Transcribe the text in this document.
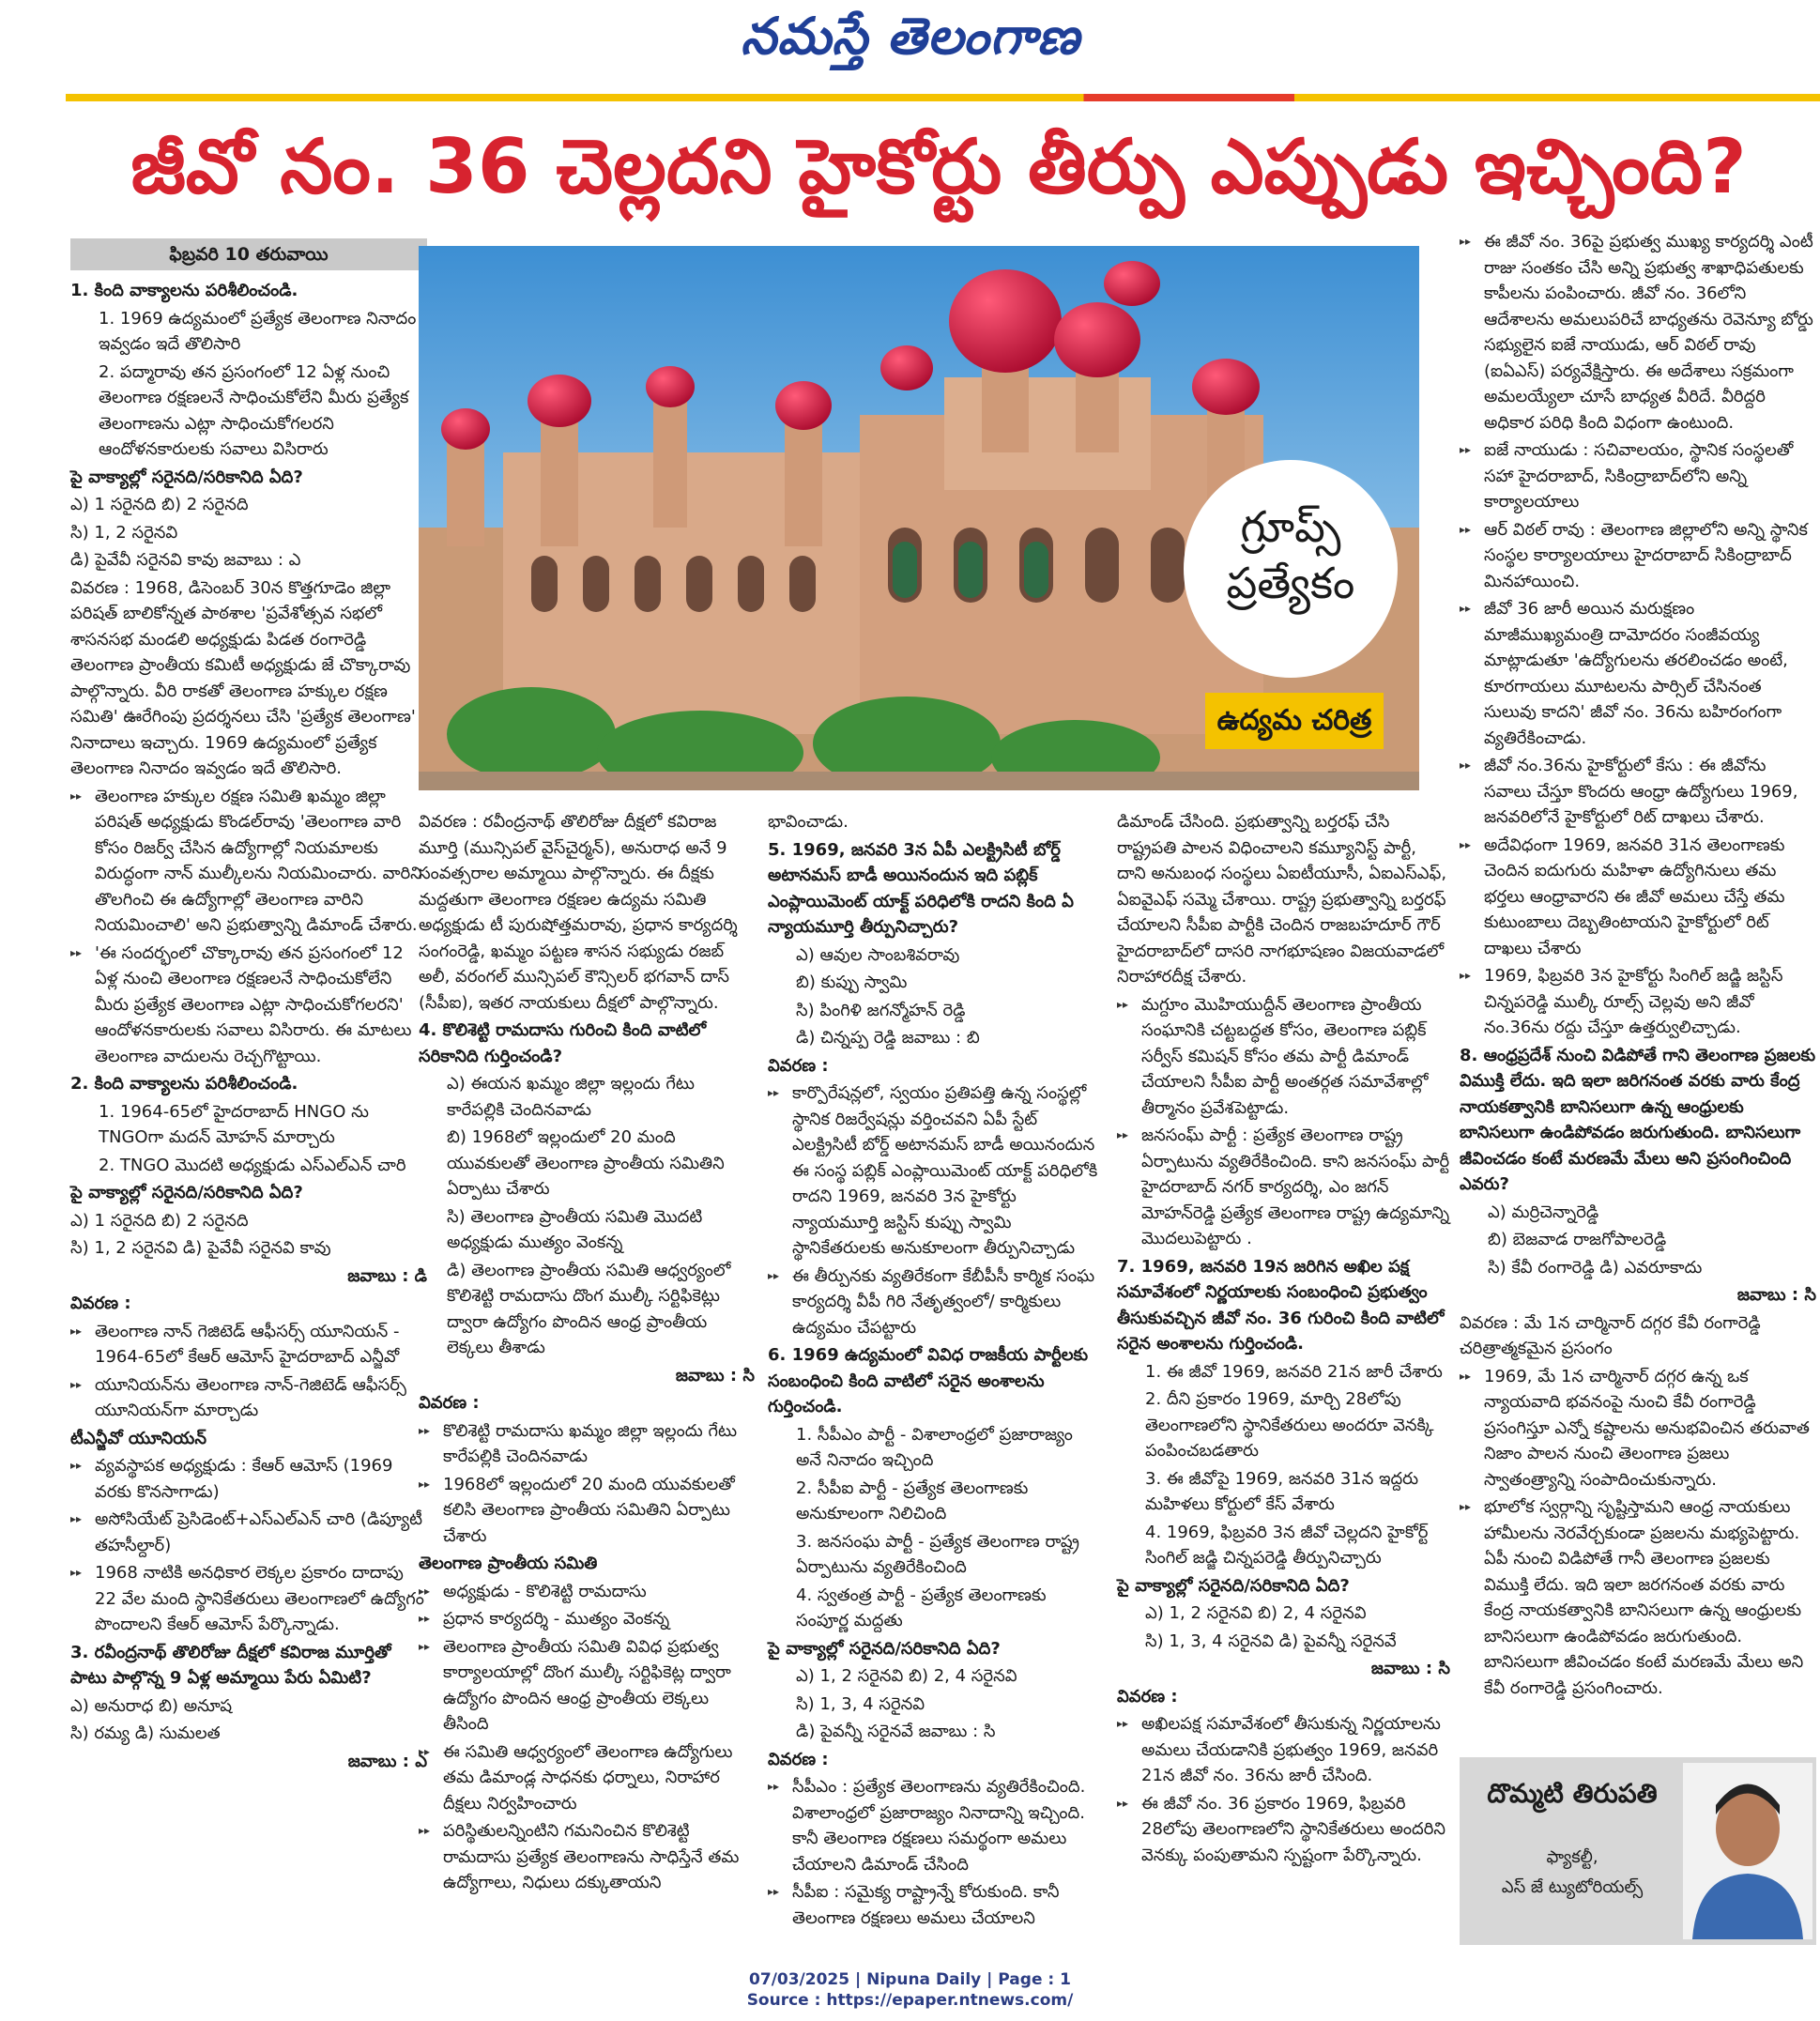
నమస్తే తెలంగాణ
జీవో నం. 36 చెల్లదని హైకోర్టు తీర్పు ఎప్పుడు ఇచ్చింది?
ఫిబ్రవరి 10 తరువాయి
గ్రూప్స్
ప్రత్యేకం
ఉద్యమ చరిత్ర

1. కింది వాక్యాలను పరిశీలించండి.

1. 1969 ఉద్యమంలో ప్రత్యేక తెలంగాణ నినాదం ఇవ్వడం ఇదే తొలిసారి

2. పద్మారావు తన ప్రసంగంలో 12 ఏళ్ల నుంచి తెలంగాణ రక్షణలనే సాధించుకోలేని మీరు ప్రత్యేక తెలంగాణను ఎట్లా సాధించుకోగలరని ఆందోళనకారులకు సవాలు విసిరారు

పై వాక్యాల్లో సరైనది/సరికానిది ఏది?

ఎ) 1 సరైనది బి) 2 సరైనది

సి) 1, 2 సరైనవి

డి) పైవేవీ సరైనవి కావు జవాబు : ఎ

వివరణ : 1968, డిసెంబర్ 30న కొత్తగూడెం జిల్లా పరిషత్ బాలికోన్నత పాఠశాల 'ప్రవేశోత్సవ సభలో శాసనసభ మండలి అధ్యక్షుడు పిడత రంగారెడ్డి తెలంగాణ ప్రాంతీయ కమిటీ అధ్యక్షుడు జే చొక్కారావు పాల్గొన్నారు. వీరి రాకతో తెలంగాణ హక్కుల రక్షణ సమితి' ఊరేగింపు ప్రదర్శనలు చేసి 'ప్రత్యేక తెలంగాణ' నినాదాలు ఇచ్చారు. 1969 ఉద్యమంలో ప్రత్యేక తెలంగాణ నినాదం ఇవ్వడం ఇదే తొలిసారి.

▸▸ తెలంగాణ హక్కుల రక్షణ సమితి ఖమ్మం జిల్లా పరిషత్ అధ్యక్షుడు కొండల్‌రావు 'తెలంగాణ వారి కోసం రిజర్వ్ చేసిన ఉద్యోగాల్లో నియమాలకు విరుద్ధంగా నాన్ ముల్కీలను నియమించారు. వారిని తొలగించి ఈ ఉద్యోగాల్లో తెలంగాణ వారిని నియమించాలి' అని ప్రభుత్వాన్ని డిమాండ్ చేశారు.

▸▸ 'ఈ సందర్భంలో చొక్కారావు తన ప్రసంగంలో 12 ఏళ్ల నుంచి తెలంగాణ రక్షణలనే సాధించుకోలేని మీరు ప్రత్యేక తెలంగాణ ఎట్లా సాధించుకోగలరని' ఆందోళనకారులకు సవాలు విసిరారు. ఈ మాటలు తెలంగాణ వాదులను రెచ్చగొట్టాయి.

2. కింది వాక్యాలను పరిశీలించండి.

1. 1964-65లో హైదరాబాద్ HNGO ను TNGOగా మదన్ మోహన్ మార్చారు

2. TNGO మొదటి అధ్యక్షుడు ఎస్ఎల్ఎన్ చారి

పై వాక్యాల్లో సరైనది/సరికానిది ఏది?

ఎ) 1 సరైనది బి) 2 సరైనది

సి) 1, 2 సరైనవి డి) పైవేవీ సరైనవి కావు

జవాబు : డి

వివరణ :

▸▸ తెలంగాణ నాన్ గెజిటెడ్ ఆఫీసర్స్ యూనియన్ - 1964-65లో కేఆర్ ఆమోస్ హైదరాబాద్ ఎన్జీవో

▸▸ యూనియన్‌ను తెలంగాణ నాన్-గెజిటెడ్ ఆఫీసర్స్ యూనియన్‌గా మార్చాడు

టీఎన్జీవో యూనియన్

▸▸ వ్యవస్థాపక అధ్యక్షుడు : కేఆర్ ఆమోస్ (1969 వరకు కొనసాగాడు)

▸▸ అసోసియేట్ ప్రెసిడెంట్+ఎస్ఎల్ఎన్ చారి (డిప్యూటీ తహసీల్దార్)

▸▸ 1968 నాటికి అనధికార లెక్కల ప్రకారం దాదాపు 22 వేల మంది స్థానికేతరులు తెలంగాణలో ఉద్యోగం పొందాలని కేఆర్ ఆమోస్ పేర్కొన్నాడు.

3. రవీంద్రనాథ్ తొలిరోజు దీక్షలో కవిరాజ మూర్తితో పాటు పాల్గొన్న 9 ఏళ్ల అమ్మాయి పేరు ఏమిటి?

ఎ) అనురాధ బి) అనూష

సి) రమ్య డి) సుమలత

జవాబు : ఎ

వివరణ : రవీంద్రనాథ్ తొలిరోజు దీక్షలో కవిరాజ మూర్తి (మున్సిపల్ వైస్‌చైర్మన్), అనురాధ అనే 9 సంవత్సరాల అమ్మాయి పాల్గొన్నారు. ఈ దీక్షకు మద్దతుగా తెలంగాణ రక్షణల ఉద్యమ సమితి అధ్యక్షుడు టీ పురుషోత్తమరావు, ప్రధాన కార్యదర్శి సంగంరెడ్డి, ఖమ్మం పట్టణ శాసన సభ్యుడు రజబ్ అలీ, వరంగల్ మున్సిపల్ కౌన్సిలర్ భగవాన్ దాస్ (సీపీఐ), ఇతర నాయకులు దీక్షలో పాల్గొన్నారు.

4. కొలిశెట్టి రామదాసు గురించి కింది వాటిలో సరికానిది గుర్తించండి?

ఎ) ఈయన ఖమ్మం జిల్లా ఇల్లందు గేటు కారేపల్లికి చెందినవాడు

బి) 1968లో ఇల్లందులో 20 మంది యువకులతో తెలంగాణ ప్రాంతీయ సమితిని ఏర్పాటు చేశారు

సి) తెలంగాణ ప్రాంతీయ సమితి మొదటి అధ్యక్షుడు ముత్యం వెంకన్న

డి) తెలంగాణ ప్రాంతీయ సమితి ఆధ్వర్యంలో కొలిశెట్టి రామదాసు దొంగ ముల్కీ సర్టిఫికెట్లు ద్వారా ఉద్యోగం పొందిన ఆంధ్ర ప్రాంతీయ లెక్కలు తీశాడు

జవాబు : సి

వివరణ :

▸▸ కొలిశెట్టి రామదాసు ఖమ్మం జిల్లా ఇల్లందు గేటు కారేపల్లికి చెందినవాడు

▸▸ 1968లో ఇల్లందులో 20 మంది యువకులతో కలిసి తెలంగాణ ప్రాంతీయ సమితిని ఏర్పాటు చేశారు

తెలంగాణ ప్రాంతీయ సమితి

▸▸ అధ్యక్షుడు - కొలిశెట్టి రామదాసు

▸▸ ప్రధాన కార్యదర్శి - ముత్యం వెంకన్న

▸▸ తెలంగాణ ప్రాంతీయ సమితి వివిధ ప్రభుత్వ కార్యాలయాల్లో దొంగ ముల్కీ సర్టిఫికెట్ల ద్వారా ఉద్యోగం పొందిన ఆంధ్ర ప్రాంతీయ లెక్కలు తీసింది

▸▸ ఈ సమితి ఆధ్వర్యంలో తెలంగాణ ఉద్యోగులు తమ డిమాండ్ల సాధనకు ధర్నాలు, నిరాహార దీక్షలు నిర్వహించారు

▸▸ పరిస్థితులన్నింటిని గమనించిన కొలిశెట్టి రామదాసు ప్రత్యేక తెలంగాణను సాధిస్తేనే తమ ఉద్యోగాలు, నిధులు దక్కుతాయని

భావించాడు.

5. 1969, జనవరి 3న ఏపీ ఎలక్ట్రిసిటీ బోర్డ్ అటానమస్ బాడీ అయినందున ఇది పబ్లిక్ ఎంప్లాయిమెంట్ యాక్ట్ పరిధిలోకి రాదని కింది ఏ న్యాయమూర్తి తీర్పునిచ్చారు?

ఎ) ఆవుల సాంబశివరావు

బి) కుప్పు స్వామి

సి) పింగిళి జగన్మోహన్ రెడ్డి

డి) చిన్నప్ప రెడ్డి జవాబు : బి

వివరణ :

▸▸ కార్పొరేషన్లలో, స్వయం ప్రతిపత్తి ఉన్న సంస్థల్లో స్థానిక రిజర్వేషన్లు వర్తించవని ఏపీ స్టేట్ ఎలక్ట్రిసిటీ బోర్డ్ అటానమస్ బాడీ అయినందున ఈ సంస్థ పబ్లిక్ ఎంప్లాయిమెంట్ యాక్ట్ పరిధిలోకి రాదని 1969, జనవరి 3న హైకోర్టు న్యాయమూర్తి జస్టిస్ కుప్పు స్వామి స్థానికేతరులకు అనుకూలంగా తీర్పునిచ్చాడు

▸▸ ఈ తీర్పునకు వ్యతిరేకంగా కేబీపీసీ కార్మిక సంఘ కార్యదర్శి వీపీ గిరి నేతృత్వంలో/ కార్మికులు ఉద్యమం చేపట్టారు

6. 1969 ఉద్యమంలో వివిధ రాజకీయ పార్టీలకు సంబంధించి కింది వాటిలో సరైన అంశాలను గుర్తించండి.

1. సీపీఎం పార్టీ - విశాలాంధ్రలో ప్రజారాజ్యం అనే నినాదం ఇచ్చింది

2. సీపీఐ పార్టీ - ప్రత్యేక తెలంగాణకు అనుకూలంగా నిలిచింది

3. జనసంఘ పార్టీ - ప్రత్యేక తెలంగాణ రాష్ట్ర ఏర్పాటును వ్యతిరేకించింది

4. స్వతంత్ర పార్టీ - ప్రత్యేక తెలంగాణకు సంపూర్ణ మద్దతు

పై వాక్యాల్లో సరైనది/సరికానిది ఏది?

ఎ) 1, 2 సరైనవి బి) 2, 4 సరైనవి

సి) 1, 3, 4 సరైనవి

డి) పైవన్నీ సరైనవే జవాబు : సి

వివరణ :

▸▸ సీపీఎం : ప్రత్యేక తెలంగాణను వ్యతిరేకించింది. విశాలాంధ్రలో ప్రజారాజ్యం నినాదాన్ని ఇచ్చింది. కానీ తెలంగాణ రక్షణలు సమర్థంగా అమలు చేయాలని డిమాండ్ చేసింది

▸▸ సీపీఐ : సమైక్య రాష్ట్రాన్నే కోరుకుంది. కానీ తెలంగాణ రక్షణలు అమలు చేయాలని

డిమాండ్ చేసింది. ప్రభుత్వాన్ని బర్తరఫ్ చేసి రాష్ట్రపతి పాలన విధించాలని కమ్యూనిస్ట్ పార్టీ, దాని అనుబంధ సంస్థలు ఏఐటీయూసీ, ఏఐఎస్ఎఫ్, ఏఐవైఎఫ్ సమ్మె చేశాయి. రాష్ట్ర ప్రభుత్వాన్ని బర్తరఫ్ చేయాలని సీపీఐ పార్టీకి చెందిన రాజబహదూర్ గౌర్ హైదరాబాద్‌లో దాసరి నాగభూషణం విజయవాడలో నిరాహారదీక్ష చేశారు.

▸▸ మగ్దూం మొహియుద్దీన్ తెలంగాణ ప్రాంతీయ సంఘానికి చట్టబద్ధత కోసం, తెలంగాణ పబ్లిక్ సర్వీస్ కమిషన్ కోసం తమ పార్టీ డిమాండ్ చేయాలని సీపీఐ పార్టీ అంతర్గత సమావేశాల్లో తీర్మానం ప్రవేశపెట్టాడు.

▸▸ జనసంఘ్ పార్టీ : ప్రత్యేక తెలంగాణ రాష్ట్ర ఏర్పాటును వ్యతిరేకించింది. కాని జనసంఘ్ పార్టీ హైదరాబాద్ నగర్ కార్యదర్శి, ఎం జగన్ మోహన్‌రెడ్డి ప్రత్యేక తెలంగాణ రాష్ట్ర ఉద్యమాన్ని మొదలుపెట్టారు .

7. 1969, జనవరి 19న జరిగిన అఖిల పక్ష సమావేశంలో నిర్ణయాలకు సంబంధించి ప్రభుత్వం తీసుకువచ్చిన జీవో నం. 36 గురించి కింది వాటిలో సరైన అంశాలను గుర్తించండి.

1. ఈ జీవో 1969, జనవరి 21న జారీ చేశారు

2. దీని ప్రకారం 1969, మార్చి 28లోపు తెలంగాణలోని స్థానికేతరులు అందరూ వెనక్కి పంపించబడతారు

3. ఈ జీవోపై 1969, జనవరి 31న ఇద్దరు మహిళలు కోర్టులో కేస్ వేశారు

4. 1969, ఫిబ్రవరి 3న జీవో చెల్లదని హైకోర్ట్ సింగిల్ జడ్జి చిన్నపరెడ్డి తీర్పునిచ్చారు

పై వాక్యాల్లో సరైనది/సరికానిది ఏది?

ఎ) 1, 2 సరైనవి బి) 2, 4 సరైనవి

సి) 1, 3, 4 సరైనవి డి) పైవన్నీ సరైనవే

జవాబు : సి

వివరణ :

▸▸ అఖిలపక్ష సమావేశంలో తీసుకున్న నిర్ణయాలను అమలు చేయడానికి ప్రభుత్వం 1969, జనవరి 21న జీవో నం. 36ను జారీ చేసింది.

▸▸ ఈ జీవో నం. 36 ప్రకారం 1969, ఫిబ్రవరి 28లోపు తెలంగాణలోని స్థానికేతరులు అందరిని వెనక్కు పంపుతామని స్పష్టంగా పేర్కొన్నారు.

▸▸ ఈ జీవో నం. 36పై ప్రభుత్వ ముఖ్య కార్యదర్శి ఎంటీ రాజు సంతకం చేసి అన్ని ప్రభుత్వ శాఖాధిపతులకు కాపీలను పంపించారు. జీవో నం. 36లోని ఆదేశాలను అమలుపరిచే బాధ్యతను రెవెన్యూ బోర్డు సభ్యులైన ఐజే నాయుడు, ఆర్ విఠల్ రావు (ఐఏఎస్) పర్యవేక్షిస్తారు. ఈ అదేశాలు సక్రమంగా అమలయ్యేలా చూసే బాధ్యత వీరిదే. వీరిద్దరి అధికార పరిధి కింది విధంగా ఉంటుంది.

▸▸ ఐజే నాయుడు : సచివాలయం, స్థానిక సంస్థలతో సహా హైదరాబాద్, సికింద్రాబాద్‌లోని అన్ని కార్యాలయాలు

▸▸ ఆర్ విఠల్ రావు : తెలంగాణ జిల్లాలోని అన్ని స్థానిక సంస్థల కార్యాలయాలు హైదరాబాద్ సికింద్రాబాద్ మినహాయించి.

▸▸ జీవో 36 జారీ అయిన మరుక్షణం మాజీముఖ్యమంత్రి దామోదరం సంజీవయ్య మాట్లాడుతూ 'ఉద్యోగులను తరలించడం అంటే, కూరగాయలు మూటలను పార్సిల్ చేసినంత సులువు కాదని' జీవో నం. 36ను బహిరంగంగా వ్యతిరేకించాడు.

▸▸ జీవో నం.36ను హైకోర్టులో కేసు : ఈ జీవోను సవాలు చేస్తూ కొందరు ఆంధ్రా ఉద్యోగులు 1969, జనవరిలోనే హైకోర్టులో రిట్ దాఖలు చేశారు.

▸▸ అదేవిధంగా 1969, జనవరి 31న తెలంగాణకు చెందిన ఐదుగురు మహిళా ఉద్యోగినులు తమ భర్తలు ఆంధ్రావారని ఈ జీవో అమలు చేస్తే తమ కుటుంబాలు దెబ్బతింటాయని హైకోర్టులో రిట్ దాఖలు చేశారు

▸▸ 1969, ఫిబ్రవరి 3న హైకోర్టు సింగిల్ జడ్జి జస్టిస్ చిన్నపరెడ్డి ముల్కీ రూల్స్ చెల్లవు అని జీవో నం.36ను రద్దు చేస్తూ ఉత్తర్వులిచ్చాడు.

8. ఆంధ్రప్రదేశ్ నుంచి విడిపోతే గాని తెలంగాణ ప్రజలకు విముక్తి లేదు. ఇది ఇలా జరిగనంత వరకు వారు కేంద్ర నాయకత్వానికి బానిసలుగా ఉన్న ఆంధ్రులకు బానిసలుగా ఉండిపోవడం జరుగుతుంది. బానిసలుగా జీవించడం కంటే మరణమే మేలు అని ప్రసంగించింది ఎవరు?

ఎ) మర్రిచెన్నారెడ్డి

బి) బెజవాడ రాజగోపాలరెడ్డి

సి) కేవీ రంగారెడ్డి డి) ఎవరూకాదు

జవాబు : సి

వివరణ : మే 1న చార్మినార్ దగ్గర కేవీ రంగారెడ్డి చరిత్రాత్మకమైన ప్రసంగం

▸▸ 1969, మే 1న చార్మినార్ దగ్గర ఉన్న ఒక న్యాయవాది భవనంపై నుంచి కేవీ రంగారెడ్డి ప్రసంగిస్తూ ఎన్నో కష్టాలను అనుభవించిన తరువాత నిజాం పాలన నుంచి తెలంగాణ ప్రజలు స్వాతంత్ర్యాన్ని సంపాదించుకున్నారు.

▸▸ భూలోక స్వర్గాన్ని సృష్టిస్తామని ఆంధ్ర నాయకులు హామీలను నెరవేర్చకుండా ప్రజలను మభ్యపెట్టారు. ఏపీ నుంచి విడిపోతే గానీ తెలంగాణ ప్రజలకు విముక్తి లేదు. ఇది ఇలా జరగనంత వరకు వారు కేంద్ర నాయకత్వానికి బానిసలుగా ఉన్న ఆంధ్రులకు బానిసలుగా ఉండిపోవడం జరుగుతుంది. బానిసలుగా జీవించడం కంటే మరణమే మేలు అని కేవీ రంగారెడ్డి ప్రసంగించారు.

దొమ్మటి తిరుపతి
ఫ్యాకల్టీ,
ఎస్ జే ట్యుటోరియల్స్
07/03/2025 | Nipuna Daily | Page : 1
Source : https://epaper.ntnews.com/
